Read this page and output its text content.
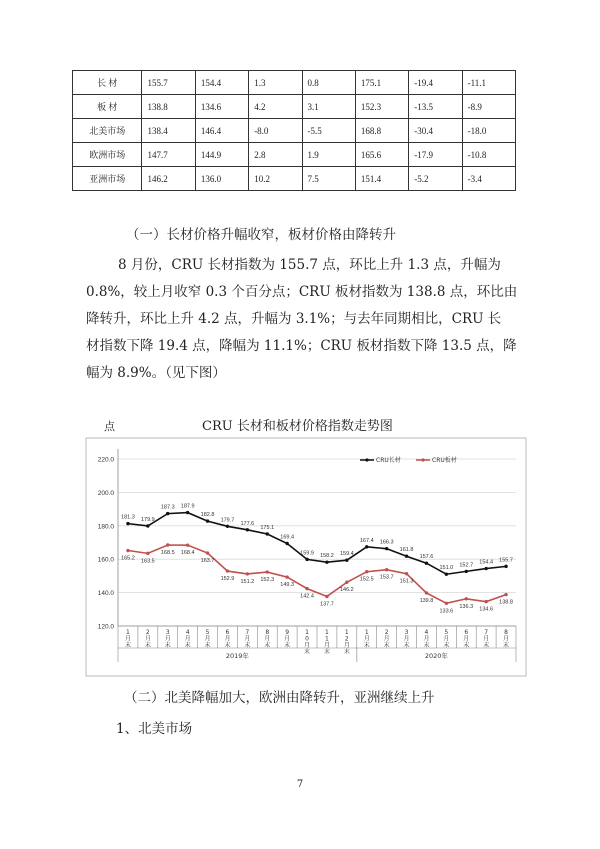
长 材	155.7	154.4	1.3	0.8	175.1	-19.4	-11.1
板 材	138.8	134.6	4.2	3.1	152.3	-13.5	-8.9
北美市场	138.4	146.4	-8.0	-5.5	168.8	-30.4	-18.0
欧洲市场	147.7	144.9	2.8	1.9	165.6	-17.9	-10.8
亚洲市场	146.2	136.0	10.2	7.5	151.4	-5.2	-3.4
（一）长材价格升幅收窄，板材价格由降转升
8 月份，CRU 长材指数为 155.7 点，环比上升 1.3 点，升幅为
0.8%，较上月收窄 0.3 个百分点；CRU 板材指数为 138.8 点，环比由
降转升，环比上升 4.2 点，升幅为 3.1%；与去年同期相比，CRU 长
材指数下降 19.4 点，降幅为 11.1%；CRU 板材指数下降 13.5 点，降
幅为 8.9%。（见下图）
点	CRU 长材和板材价格指数走势图
220.0
200.0
180.0
160.0
140.0
120.0
1
月
末
2
月
末
3
月
末
4
月
末
5
月
末
6
月
末
7
月
末
8
月
末
9
月
末
1
0
月
末
1
1
月
末
1
2
月
末
1
月
末
2
月
末
3
月
末
4
月
末
5
月
末
6
月
末
7
月
末
8
月
末
2019年	2020年
181.3 179.9
187.3 187.9
182.8
179.7
177.6
175.1
169.4
159.9 158.2 159.4
167.4 166.3
161.8
157.6
151.0 152.7 154.4 155.7
165.2 163.5
168.5 168.4
163.7
152.9 151.2 152.3
149.3
142.4
137.7
146.2
152.5 153.7
151.3
139.8
133.6
136.3 134.6
138.8
CRU长材	CRU板材
（二）北美降幅加大，欧洲由降转升，亚洲继续上升
1、北美市场
7
